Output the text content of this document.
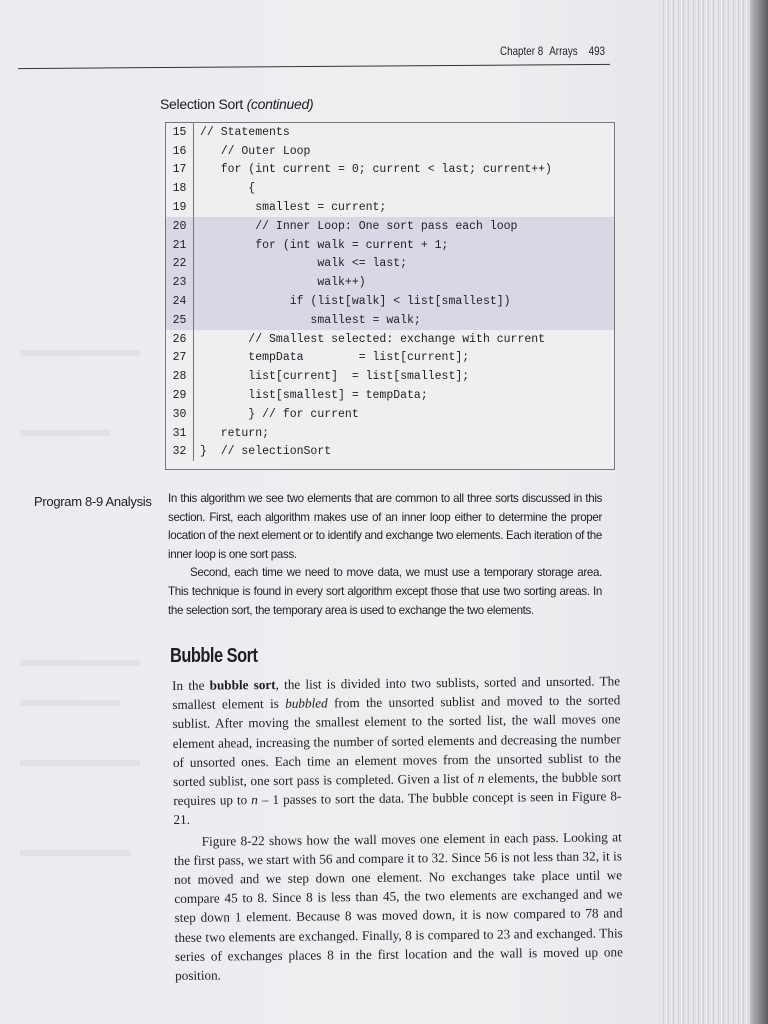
Chapter 8 Arrays 493
Selection Sort (continued)
15	// Statements
16	// Outer Loop
17	for (int current = 0; current < last; current++)
18	{
19	smallest = current;
20	// Inner Loop: One sort pass each loop
21	for (int walk = current + 1;
22	walk <= last;
23	walk++)
24	if (list[walk] < list[smallest])
25	smallest = walk;
26	// Smallest selected: exchange with current
27	tempData        = list[current];
28	list[current]  = list[smallest];
29	list[smallest] = tempData;
30	} // for current
31	return;
32	}  // selectionSort
Program 8-9 Analysis In this algorithm we see two elements that are common to all three sorts discussed in this section. First, each algorithm makes use of an inner loop either to determine the proper location of the next element or to identify and exchange two elements. Each iteration of the inner loop is one sort pass.

Second, each time we need to move data, we must use a temporary storage area. This technique is found in every sort algorithm except those that use two sorting areas. In the selection sort, the temporary area is used to exchange the two elements.

Bubble Sort

In the bubble sort, the list is divided into two sublists, sorted and unsorted. The smallest element is bubbled from the unsorted sublist and moved to the sorted sublist. After moving the smallest element to the sorted list, the wall moves one element ahead, increasing the number of sorted elements and decreasing the number of unsorted ones. Each time an element moves from the unsorted sublist to the sorted sublist, one sort pass is completed. Given a list of n elements, the bubble sort requires up to n – 1 passes to sort the data. The bubble concept is seen in Figure 8-21.

Figure 8-22 shows how the wall moves one element in each pass. Looking at the first pass, we start with 56 and compare it to 32. Since 56 is not less than 32, it is not moved and we step down one element. No exchanges take place until we compare 45 to 8. Since 8 is less than 45, the two elements are exchanged and we step down 1 element. Because 8 was moved down, it is now compared to 78 and these two elements are exchanged. Finally, 8 is compared to 23 and exchanged. This series of exchanges places 8 in the first location and the wall is moved up one position.
